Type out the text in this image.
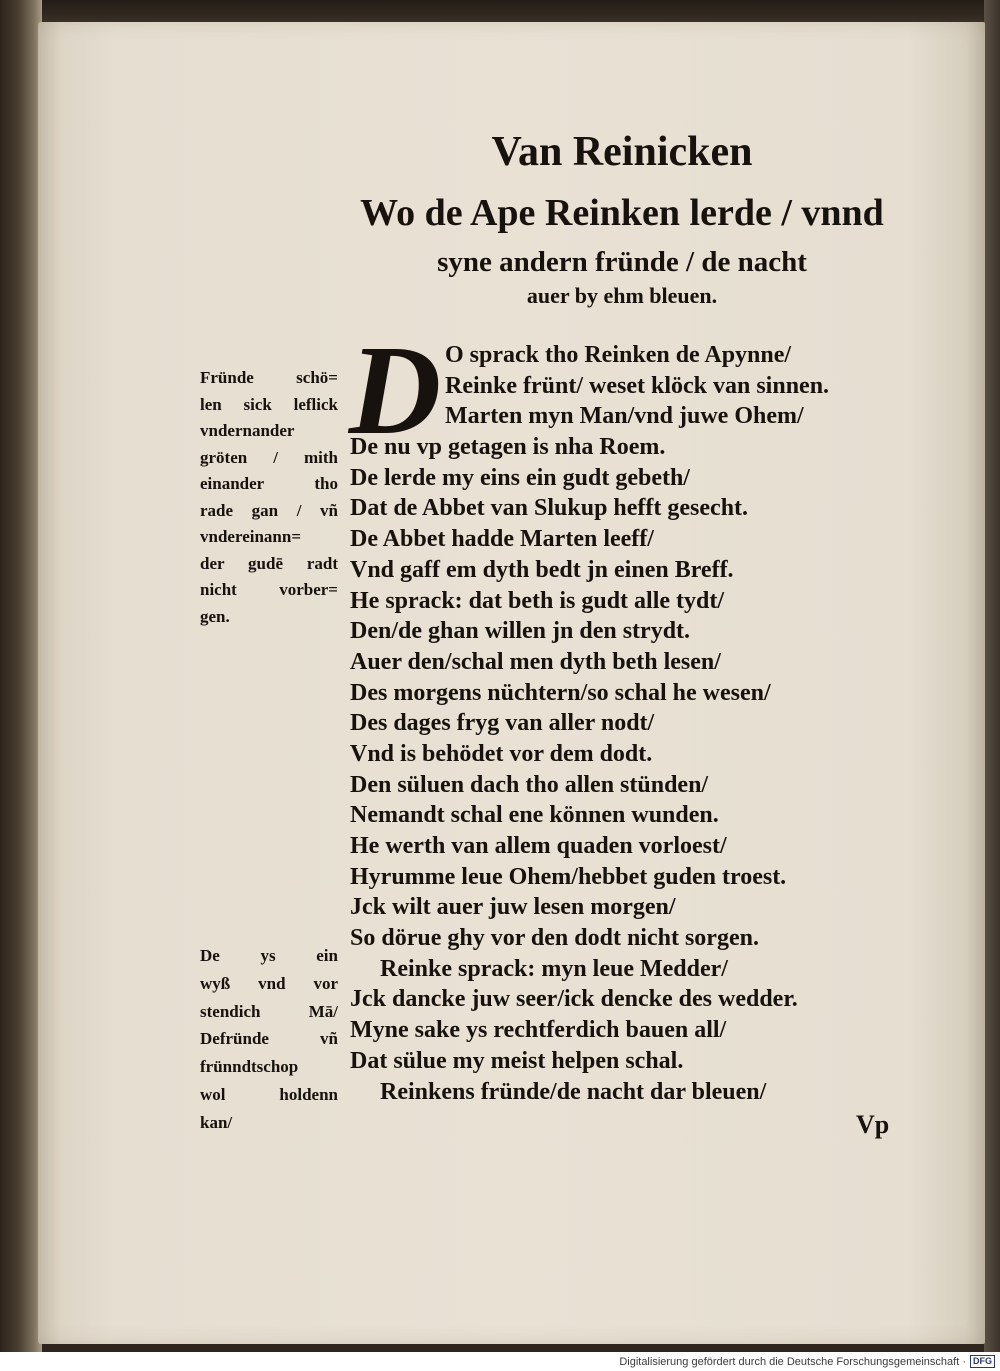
Van Reinicken
Wo de Ape Reinken lerde / vnnd
syne andern fründe / de nacht
auer by ehm bleuen.
D O sprack tho Reinken de Apynne/
Reinke frünt/ weset klöck van sinnen.
Marten myn Man/vnd juwe Ohem/
De nu vp getagen is nha Roem.
De lerde my eins ein gudt gebeth/
Dat de Abbet van Slukup hefft gesecht.
De Abbet hadde Marten leeff/
Vnd gaff em dyth bedt jn einen Breff.
He sprack: dat beth is gudt alle tydt/
Den/de ghan willen jn den strydt.
Auer den/schal men dyth beth lesen/
Des morgens nüchtern/so schal he wesen/
Des dages fryg van aller nodt/
Vnd is behödet vor dem dodt.
Den süluen dach tho allen stünden/
Nemandt schal ene können wunden.
He werth van allem quaden vorloest/
Hyrumme leue Ohem/hebbet guden troest.
Jck wilt auer juw lesen morgen/
So dörue ghy vor den dodt nicht sorgen.
Reinke sprack: myn leue Medder/
Jck dancke juw seer/ick dencke des wedder.
Myne sake ys rechtferdich bauen all/
Dat sülue my meist helpen schal.
Reinkens fründe/de nacht dar bleuen/
Fründe schö=
len sick leflick
vndernander
gröten / mith
einander tho
rade gan / vñ
vndereinann=
der gudē radt
nicht vorber=
gen.
De ys ein
wyß vnd vor
stendich Mā/
Defründe vñ
frünndtschop
wol holdenn
kan/	Vp
Digitalisierung gefördert durch die Deutsche Forschungsgemeinschaft · DFG
